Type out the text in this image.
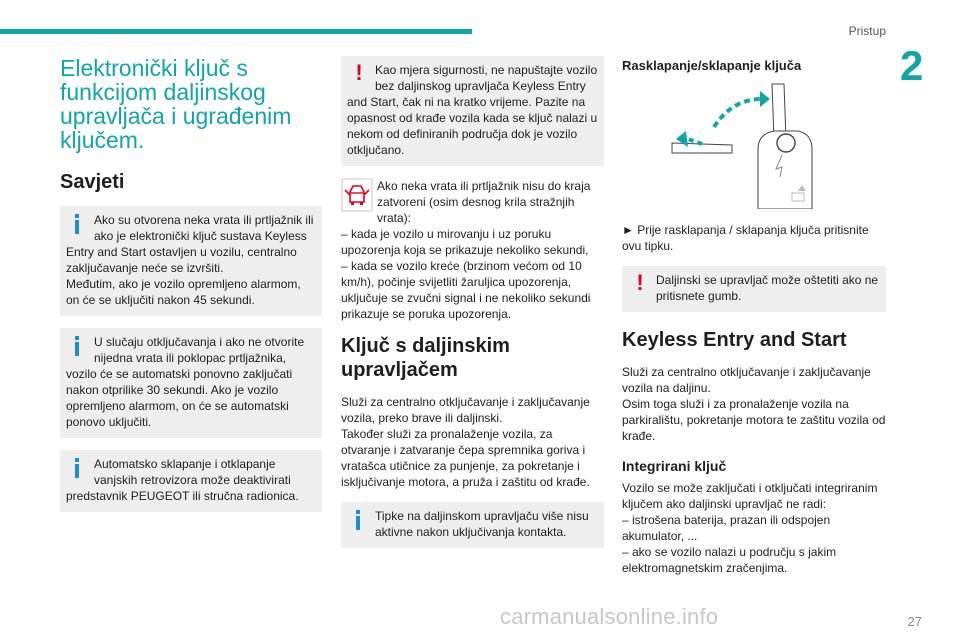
Pristup
2
Elektronički ključ s funkcijom daljinskog upravljača i ugrađenim ključem.
Savjeti

Ako su otvorena neka vrata ili prtljažnik ili ako je elektronički ključ sustava Keyless Entry and Start ostavljen u vozilu, centralno zaključavanje neće se izvršiti.
Međutim, ako je vozilo opremljeno alarmom, on će se uključiti nakon 45 sekundi.

U slučaju otključavanja i ako ne otvorite nijedna vrata ili poklopac prtljažnika, vozilo će se automatski ponovno zaključati nakon otprilike 30 sekundi. Ako je vozilo opremljeno alarmom, on će se automatski ponovo uključiti.

Automatsko sklapanje i otklapanje vanjskih retrovizora može deaktivirati predstavnik PEUGEOT ili stručna radionica.

!	Kao mjera sigurnosti, ne napuštajte vozilo bez daljinskog upravljača Keyless Entry and Start, čak ni na kratko vrijeme. Pazite na opasnost od krađe vozila kada se ključ nalazi u nekom od definiranih područja dok je vozilo otključano.

Ako neka vrata ili prtljažnik nisu do kraja zatvoreni (osim desnog krila stražnjih vrata):
– kada je vozilo u mirovanju i uz poruku upozorenja koja se prikazuje nekoliko sekundi,
– kada se vozilo kreće (brzinom većom od 10 km/h), počinje svijetliti žaruljica upozorenja, uključuje se zvučni signal i ne nekoliko sekundi prikazuje se poruka upozorenja.

Ključ s daljinskim upravljačem

Služi za centralno otključavanje i zaključavanje vozila, preko brave ili daljinski.
Također služi za pronalaženje vozila, za otvaranje i zatvaranje čepa spremnika goriva i vratašca utičnice za punjenje, za pokretanje i isključivanje motora, a pruža i zaštitu od krađe.

Tipke na daljinskom upravljaču više nisu aktivne nakon uključivanja kontakta.

Rasklapanje/sklapanje ključa

► Prije rasklapanja / sklapanja ključa pritisnite ovu tipku.

!	Daljinski se upravljač može oštetiti ako ne pritisnete gumb.

Keyless Entry and Start

Služi za centralno otključavanje i zaključavanje vozila na daljinu.
Osim toga služi i za pronalaženje vozila na parkiralištu, pokretanje motora te zaštitu vozila od krađe.

Integrirani ključ

Vozilo se može zaključati i otključati integriranim ključem ako daljinski upravljač ne radi:
– istrošena baterija, prazan ili odspojen akumulator, ...
– ako se vozilo nalazi u području s jakim elektromagnetskim zračenjima.

carmanualsonline.info	27
